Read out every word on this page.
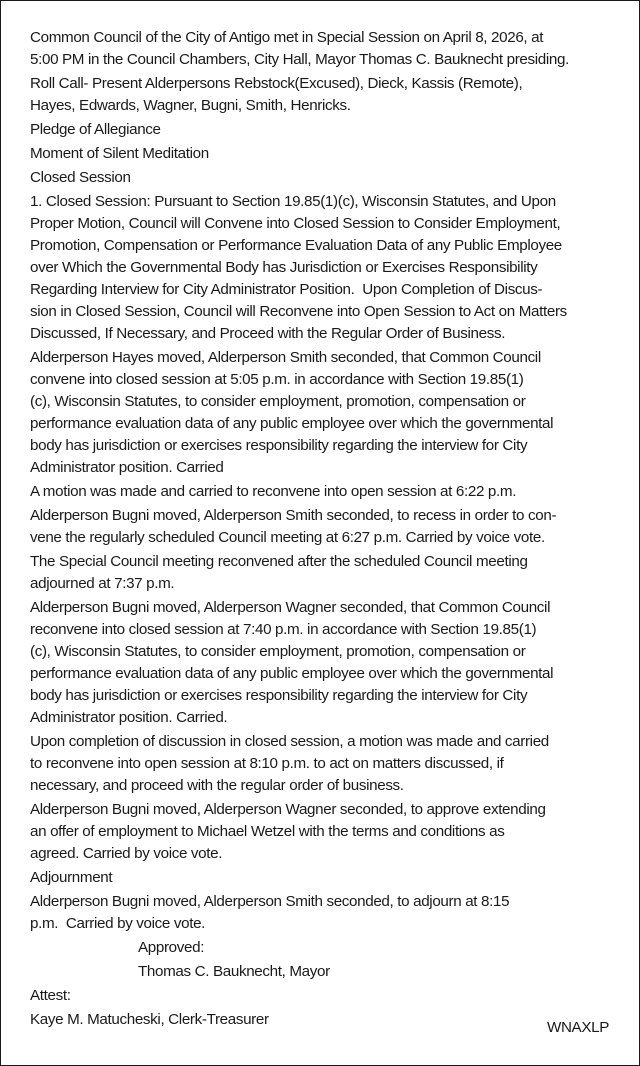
Common Council of the City of Antigo met in Special Session on April 8, 2026, at
5:00 PM in the Council Chambers, City Hall, Mayor Thomas C. Bauknecht presiding.

Roll Call- Present Alderpersons Rebstock(Excused), Dieck, Kassis (Remote),
Hayes, Edwards, Wagner, Bugni, Smith, Henricks.

Pledge of Allegiance

Moment of Silent Meditation

Closed Session

1. Closed Session: Pursuant to Section 19.85(1)(c), Wisconsin Statutes, and Upon
Proper Motion, Council will Convene into Closed Session to Consider Employment,
Promotion, Compensation or Performance Evaluation Data of any Public Employee
over Which the Governmental Body has Jurisdiction or Exercises Responsibility
Regarding Interview for City Administrator Position.  Upon Completion of Discus-
sion in Closed Session, Council will Reconvene into Open Session to Act on Matters
Discussed, If Necessary, and Proceed with the Regular Order of Business.

Alderperson Hayes moved, Alderperson Smith seconded, that Common Council
convene into closed session at 5:05 p.m. in accordance with Section 19.85(1)
(c), Wisconsin Statutes, to consider employment, promotion, compensation or
performance evaluation data of any public employee over which the governmental
body has jurisdiction or exercises responsibility regarding the interview for City
Administrator position. Carried

A motion was made and carried to reconvene into open session at 6:22 p.m.

Alderperson Bugni moved, Alderperson Smith seconded, to recess in order to con-
vene the regularly scheduled Council meeting at 6:27 p.m. Carried by voice vote.

The Special Council meeting reconvened after the scheduled Council meeting
adjourned at 7:37 p.m.

Alderperson Bugni moved, Alderperson Wagner seconded, that Common Council
reconvene into closed session at 7:40 p.m. in accordance with Section 19.85(1)
(c), Wisconsin Statutes, to consider employment, promotion, compensation or
performance evaluation data of any public employee over which the governmental
body has jurisdiction or exercises responsibility regarding the interview for City
Administrator position. Carried.

Upon completion of discussion in closed session, a motion was made and carried
to reconvene into open session at 8:10 p.m. to act on matters discussed, if
necessary, and proceed with the regular order of business.

Alderperson Bugni moved, Alderperson Wagner seconded, to approve extending
an offer of employment to Michael Wetzel with the terms and conditions as
agreed. Carried by voice vote.

Adjournment

Alderperson Bugni moved, Alderperson Smith seconded, to adjourn at 8:15
p.m.  Carried by voice vote.

Approved:

Thomas C. Bauknecht, Mayor

Attest:

Kaye M. Matucheski, Clerk-Treasurer	WNAXLP
